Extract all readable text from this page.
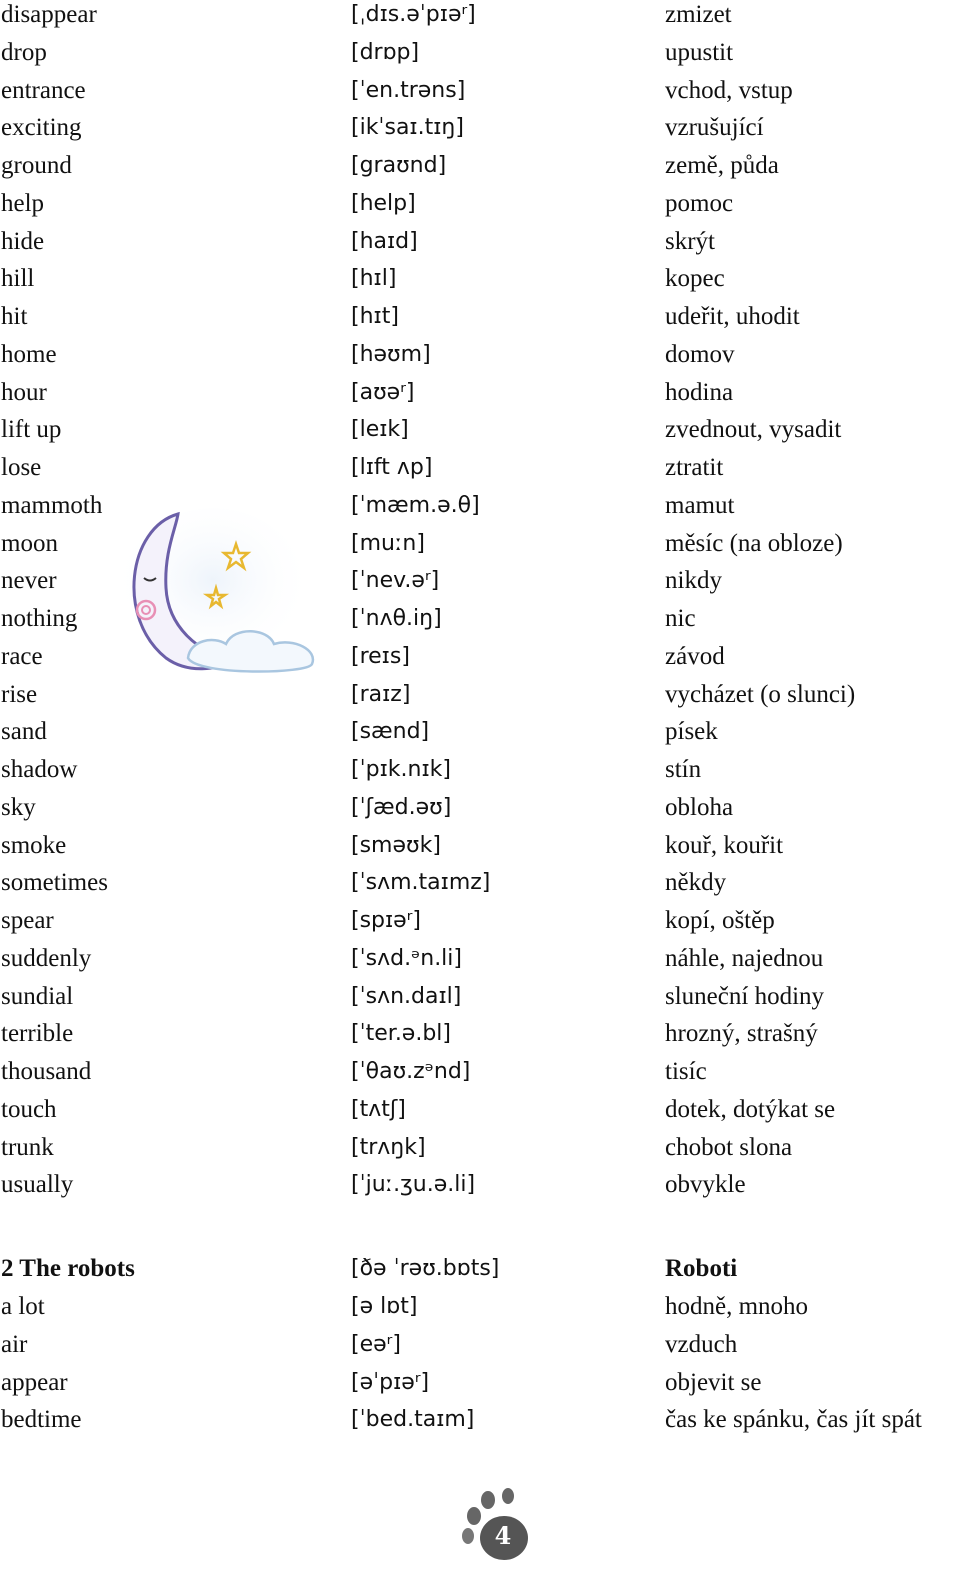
disappear	[ˌdɪs.əˈpɪəʳ]	zmizet
drop	[drɒp]	upustit
entrance	[ˈen.trəns]	vchod, vstup
exciting	[ikˈsaɪ.tɪŋ]	vzrušující
ground	[graʊnd]	země, půda
help	[help]	pomoc
hide	[haɪd]	skrýt
hill	[hɪl]	kopec
hit	[hɪt]	udeřit, uhodit
home	[həʊm]	domov
hour	[aʊəʳ]	hodina
lift up	[leɪk]	zvednout, vysadit
lose	[lɪft ʌp]	ztratit
mammoth	[ˈmæm.ə.θ]	mamut
moon	[muːn]	měsíc (na obloze)
never	[ˈnev.əʳ]	nikdy
nothing	[ˈnʌθ.iŋ]	nic
race	[reɪs]	závod
rise	[raɪz]	vycházet (o slunci)
sand	[sænd]	písek
shadow	[ˈpɪk.nɪk]	stín
sky	[ˈʃæd.əʊ]	obloha
smoke	[sməʊk]	kouř, kouřit
sometimes	[ˈsʌm.taɪmz]	někdy
spear	[spɪəʳ]	kopí, oštěp
suddenly	[ˈsʌd.ᵊn.li]	náhle, najednou
sundial	[ˈsʌn.daɪl]	sluneční hodiny
terrible	[ˈter.ə.bl]	hrozný, strašný
thousand	[ˈθaʊ.zᵊnd]	tisíc
touch	[tʌtʃ]	dotek, dotýkat se
trunk	[trʌŋk]	chobot slona
usually	[ˈjuː.ʒu.ə.li]	obvykle
2 The robots	[ðə ˈrəʊ.bɒts]	Roboti
a lot	[ə lɒt]	hodně, mnoho
air	[eəʳ]	vzduch
appear	[əˈpɪəʳ]	objevit se
bedtime	[ˈbed.taɪm]	čas ke spánku, čas jít spát
4
